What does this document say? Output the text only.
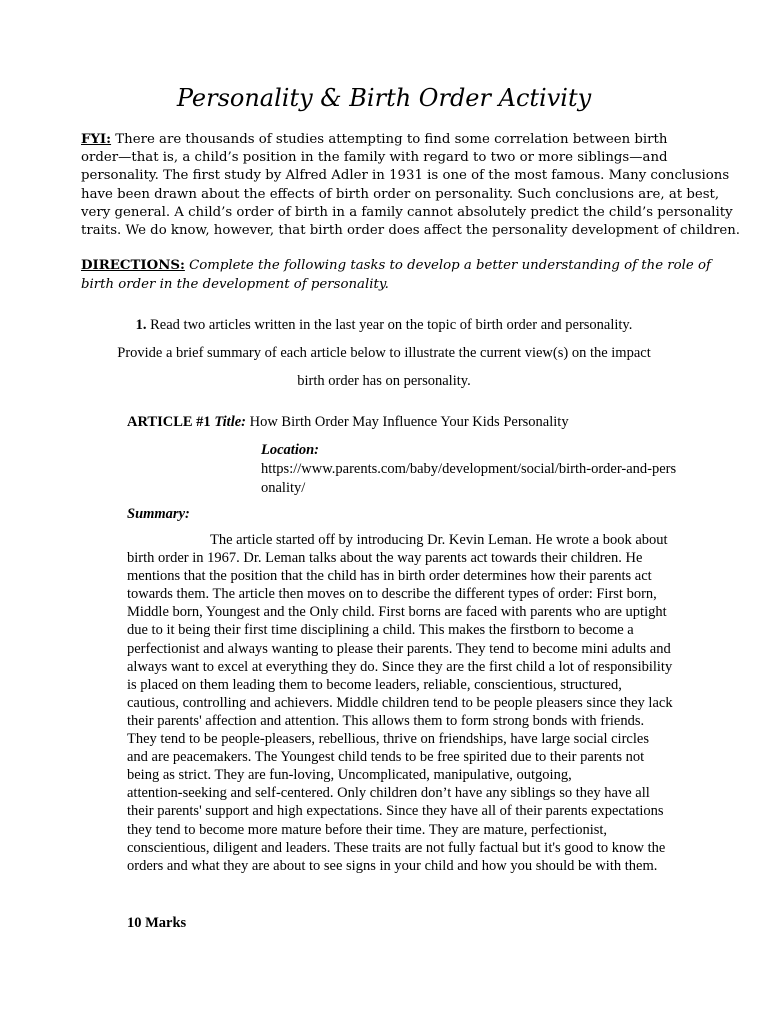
Personality & Birth Order Activity
FYI: There are thousands of studies attempting to find some correlation between birth
order—that is, a child’s position in the family with regard to two or more siblings—and
personality. The first study by Alfred Adler in 1931 is one of the most famous. Many conclusions
have been drawn about the effects of birth order on personality. Such conclusions are, at best,
very general. A child’s order of birth in a family cannot absolutely predict the child’s personality
traits. We do know, however, that birth order does affect the personality development of children.
DIRECTIONS: Complete the following tasks to develop a better understanding of the role of
birth order in the development of personality.
1. Read two articles written in the last year on the topic of birth order and personality.
Provide a brief summary of each article below to illustrate the current view(s) on the impact
birth order has on personality.
ARTICLE #1 Title: How Birth Order May Influence Your Kids Personality
Location:
https://www.parents.com/baby/development/social/birth-order-and-pers
onality/
Summary:
The article started off by introducing Dr. Kevin Leman. He wrote a book about
birth order in 1967. Dr. Leman talks about the way parents act towards their children. He
mentions that the position that the child has in birth order determines how their parents act
towards them. The article then moves on to describe the different types of order: First born,
Middle born, Youngest and the Only child. First borns are faced with parents who are uptight
due to it being their first time disciplining a child. This makes the firstborn to become a
perfectionist and always wanting to please their parents. They tend to become mini adults and
always want to excel at everything they do. Since they are the first child a lot of responsibility
is placed on them leading them to become leaders, reliable, conscientious, structured,
cautious, controlling and achievers. Middle children tend to be people pleasers since they lack
their parents' affection and attention. This allows them to form strong bonds with friends.
They tend to be people-pleasers, rebellious, thrive on friendships, have large social circles
and are peacemakers. The Youngest child tends to be free spirited due to their parents not
being as strict. They are fun-loving, Uncomplicated, manipulative, outgoing,
attention-seeking and self-centered. Only children don’t have any siblings so they have all
their parents' support and high expectations. Since they have all of their parents expectations
they tend to become more mature before their time. They are mature, perfectionist,
conscientious, diligent and leaders. These traits are not fully factual but it's good to know the
orders and what they are about to see signs in your child and how you should be with them.
10 Marks
